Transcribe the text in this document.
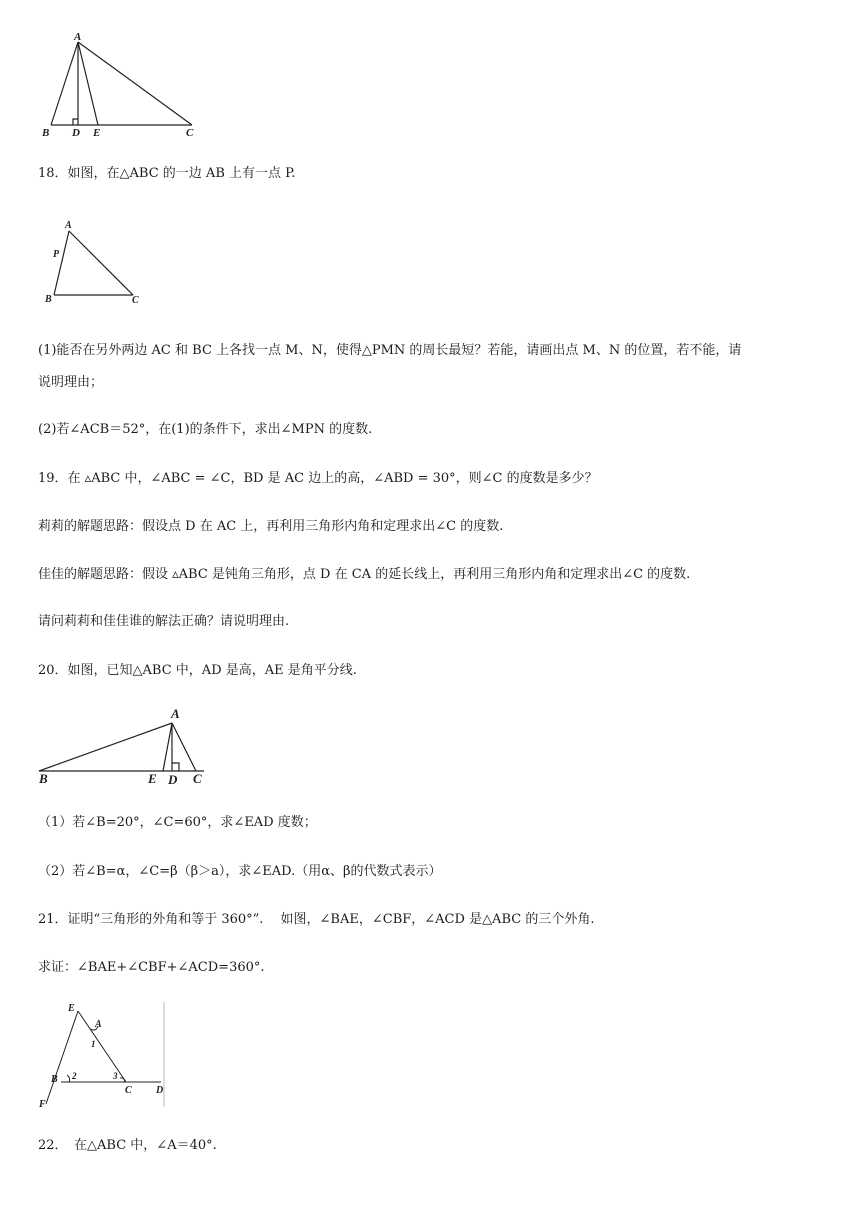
A
B D E	C
18．如图，在△ABC 的一边 AB 上有一点 P.
A
P
B	C
(1)能否在另外两边 AC 和 BC 上各找一点 M、N，使得△PMN 的周长最短？若能，请画出点 M、N 的位置，若不能，请
说明理由；
(2)若∠ACB＝52°，在(1)的条件下，求出∠MPN 的度数.
19．在 ▵ABC 中，∠ABC = ∠C，BD 是 AC 边上的高，∠ABD = 30°，则∠C 的度数是多少？
莉莉的解题思路：假设点 D 在 AC 上，再利用三角形内角和定理求出∠C 的度数.
佳佳的解题思路：假设 ▵ABC 是钝角三角形，点 D 在 CA 的延长线上，再利用三角形内角和定理求出∠C 的度数.
请问莉莉和佳佳谁的解法正确？请说明理由.
20．如图，已知△ABC 中，AD 是高，AE 是角平分线.
A
B	E D C
（1）若∠B=20°，∠C=60°，求∠EAD 度数；
（2）若∠B=α，∠C=β（β＞a），求∠EAD.（用α、β的代数式表示）
21．证明“三角形的外角和等于 360°”.　 如图，∠BAE，∠CBF，∠ACD 是△ABC 的三个外角.
求证：∠BAE+∠CBF+∠ACD=360°.
E
A
1
B 2	3
C D
F
22．　在△ABC 中，∠A＝40°.
